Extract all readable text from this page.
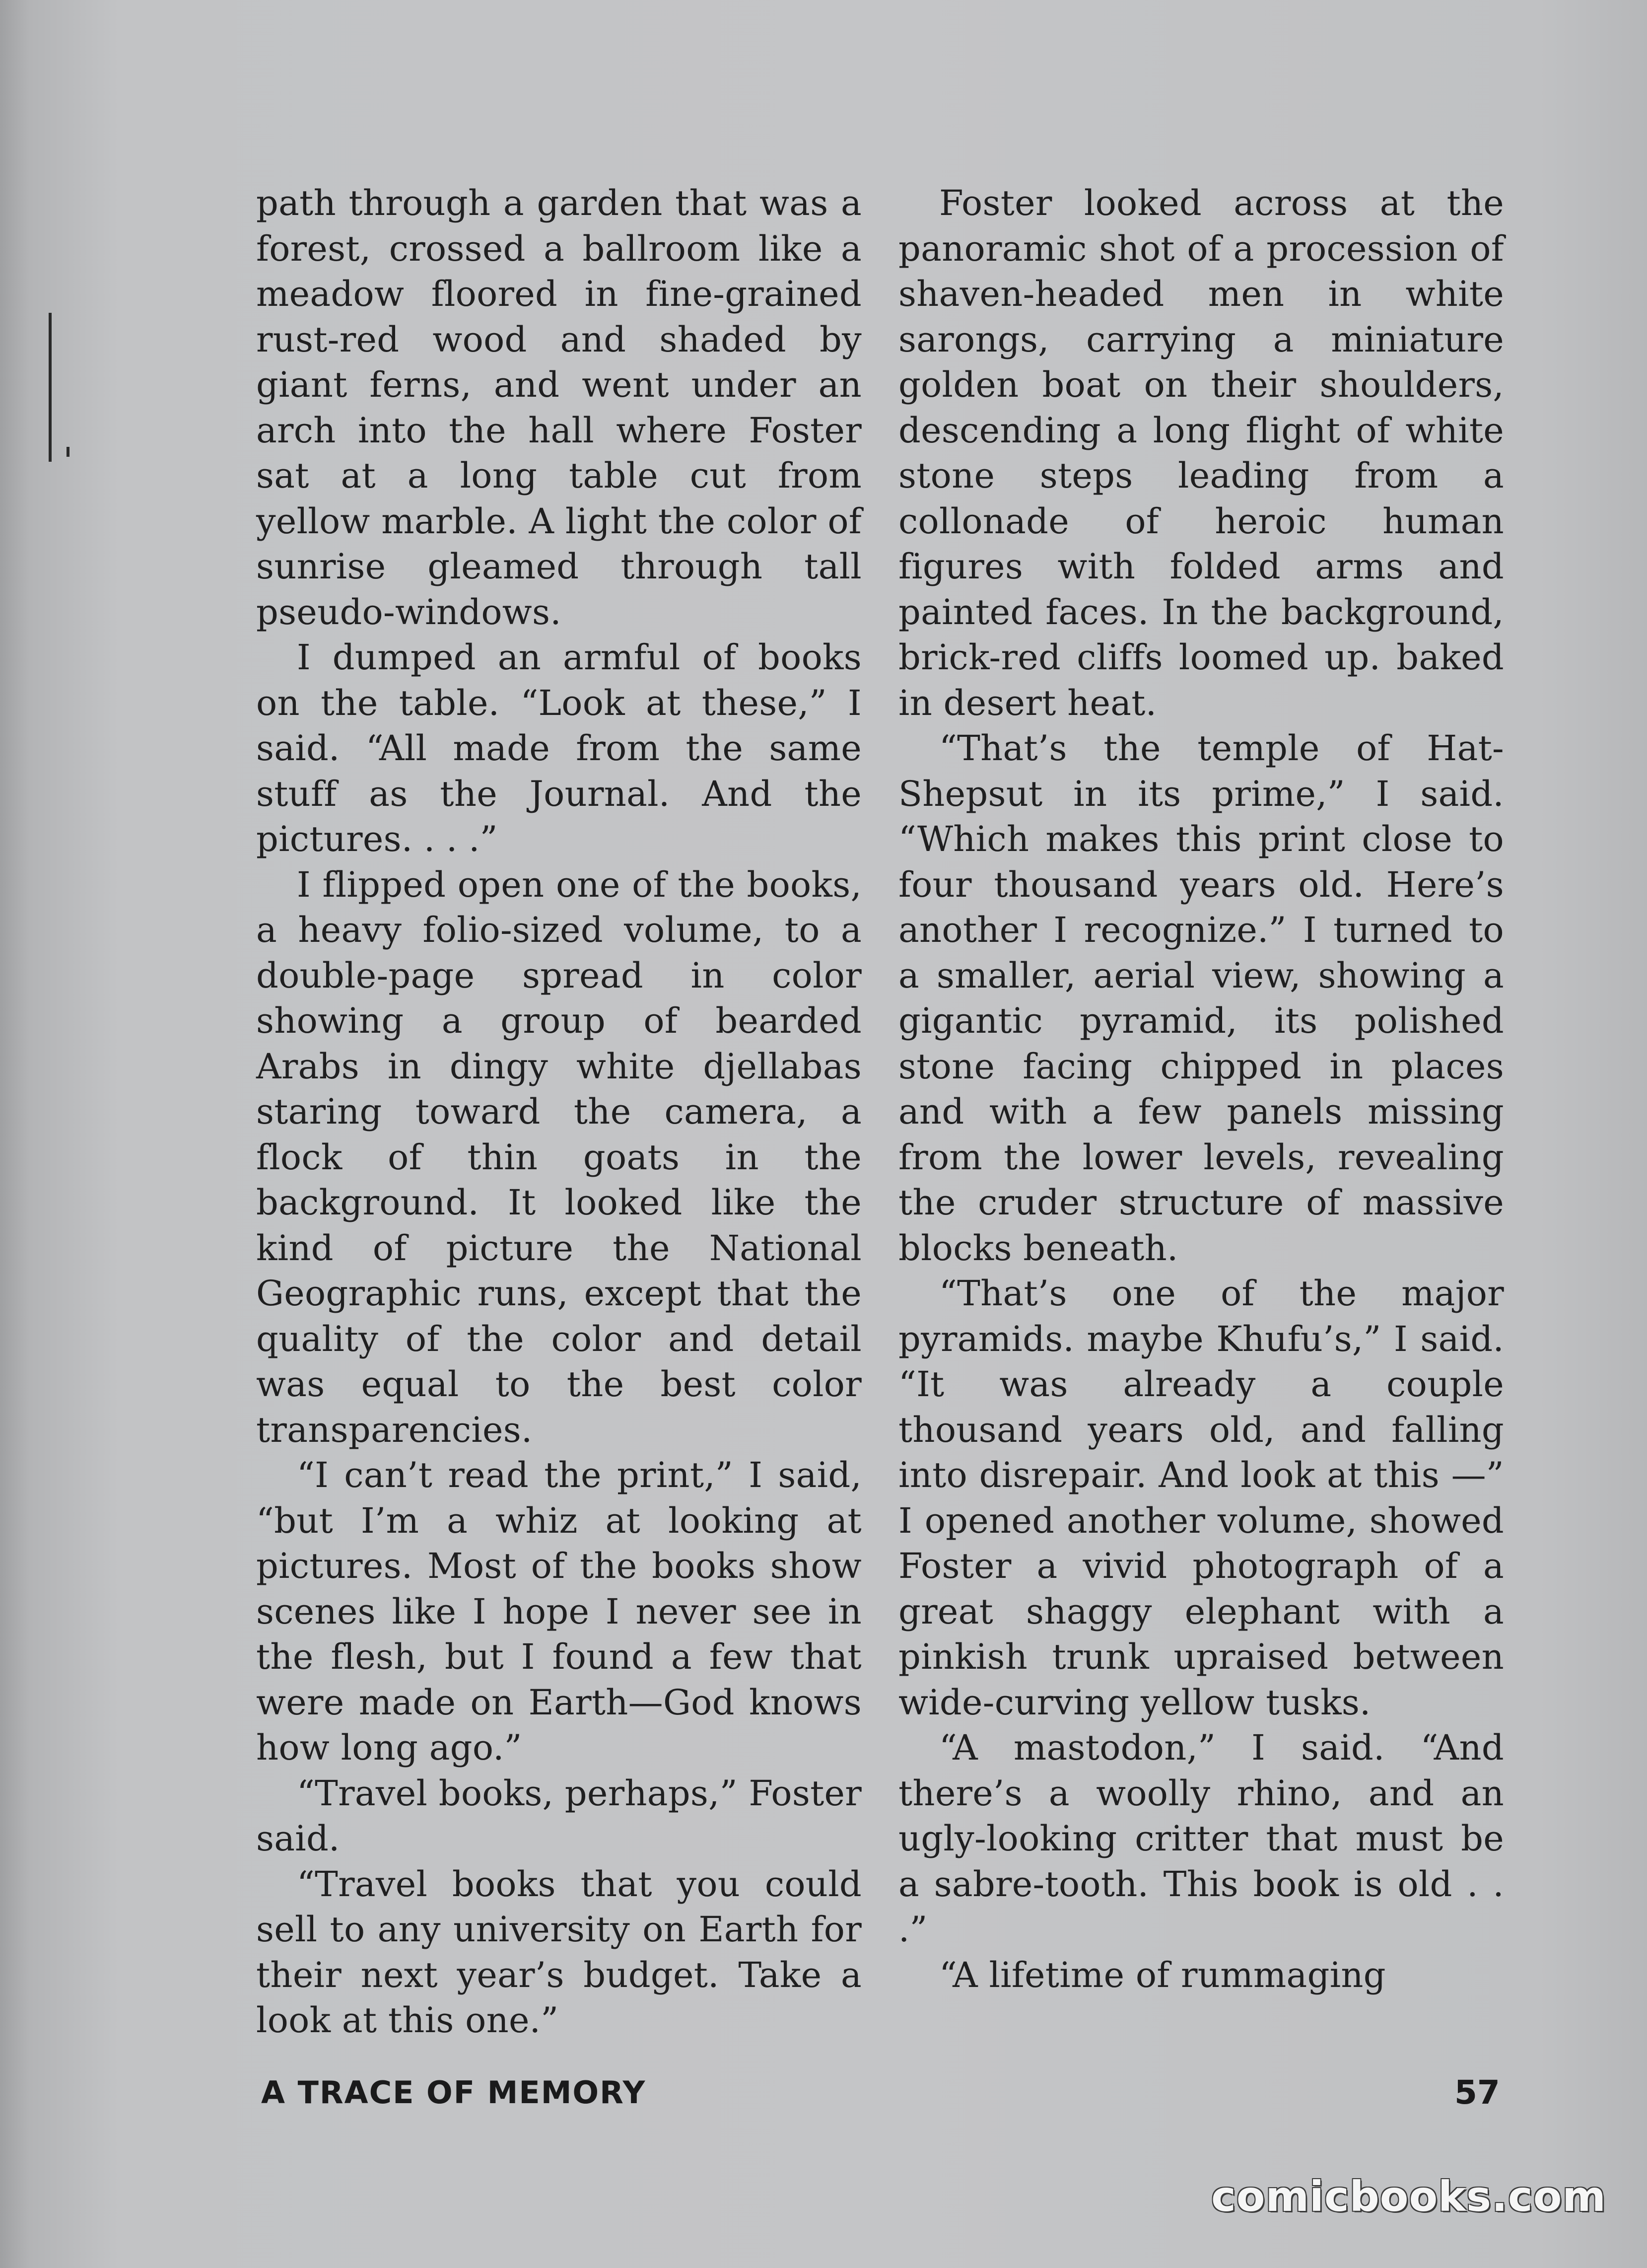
path through a garden that was a forest, crossed a ballroom like a meadow floored in fine-grained rust-red wood and shaded by giant ferns, and went under an arch into the hall where Foster sat at a long table cut from yellow marble. A light the color of sunrise gleamed through tall pseudo-windows.

I dumped an armful of books on the table. “Look at these,” I said. “All made from the same stuff as the Journal. And the pictures. . . .”

I flipped open one of the books, a heavy folio-sized volume, to a double-page spread in color showing a group of bearded Arabs in dingy white djellabas staring toward the camera, a flock of thin goats in the background. It looked like the kind of picture the National Geographic runs, except that the quality of the color and detail was equal to the best color transparencies.

“I can’t read the print,” I said, “but I’m a whiz at looking at pictures. Most of the books show scenes like I hope I never see in the flesh, but I found a few that were made on Earth—God knows how long ago.”

“Travel books, perhaps,” Foster said.

“Travel books that you could sell to any university on Earth for their next year’s budget. Take a look at this one.”

Foster looked across at the panoramic shot of a procession of shaven-headed men in white sarongs, carrying a miniature golden boat on their shoulders, descending a long flight of white stone steps leading from a collonade of heroic human figures with folded arms and painted faces. In the background, brick-red cliffs loomed up. baked in desert heat.

“That’s the temple of Hat-Shepsut in its prime,” I said. “Which makes this print close to four thousand years old. Here’s another I recognize.” I turned to a smaller, aerial view, showing a gigantic pyramid, its polished stone facing chipped in places and with a few panels missing from the lower levels, revealing the cruder structure of massive blocks beneath.

“That’s one of the major pyramids. maybe Khufu’s,” I said. “It was already a couple thousand years old, and falling into disrepair. And look at this —” I opened another volume, showed Foster a vivid photograph of a great shaggy elephant with a pinkish trunk upraised between wide-curving yellow tusks.

“A mastodon,” I said. “And there’s a woolly rhino, and an ugly-looking critter that must be a sabre-tooth. This book is old . . .”

“A lifetime of rummaging

A TRACE OF MEMORY	57
comicbooks.com
